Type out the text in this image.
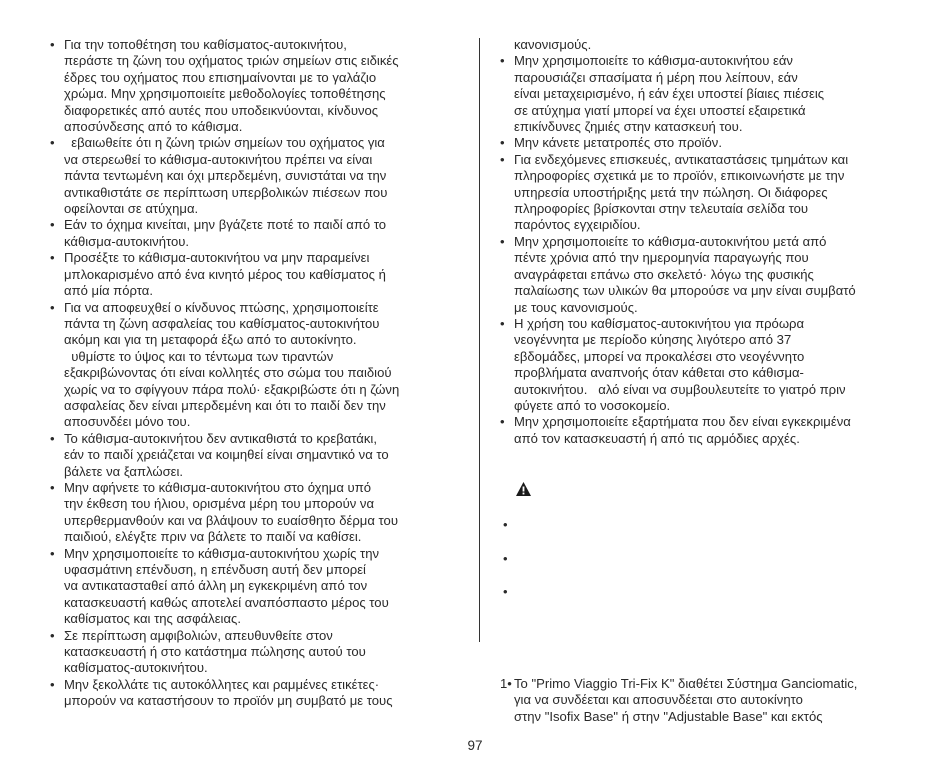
• Για την τοποθέτηση του καθίσματος-αυτοκινήτου,
περάστε τη ζώνη του οχήματος τριών σημείων στις ειδικές
έδρες του οχήματος που επισημαίνονται με το γαλάζιο
χρώμα. Μην χρησιμοποιείτε μεθοδολογίες τοποθέτησης
διαφορετικές από αυτές που υποδεικνύονται, κίνδυνος
αποσύνδεσης από το κάθισμα.
• εβαιωθείτε ότι η ζώνη τριών σημείων του οχήματος για
να στερεωθεί το κάθισμα-αυτοκινήτου πρέπει να είναι
πάντα τεντωμένη και όχι μπερδεμένη, συνιστάται να την
αντικαθιστάτε σε περίπτωση υπερβολικών πιέσεων που
οφείλονται σε ατύχημα.
• Εάν το όχημα κινείται, μην βγάζετε ποτέ το παιδί από το
κάθισμα-αυτοκινήτου.
• Προσέξτε το κάθισμα-αυτοκινήτου να μην παραμείνει
μπλοκαρισμένο από ένα κινητό μέρος του καθίσματος ή
από μία πόρτα.
• Για να αποφευχθεί ο κίνδυνος πτώσης, χρησιμοποιείτε
πάντα τη ζώνη ασφαλείας του καθίσματος-αυτοκινήτου
ακόμη και για τη μεταφορά έξω από το αυτοκίνητο.
υθμίστε το ύψος και το τέντωμα των τιραντών
εξακριβώνοντας ότι είναι κολλητές στο σώμα του παιδιού
χωρίς να το σφίγγουν πάρα πολύ· εξακριβώστε ότι η ζώνη
ασφαλείας δεν είναι μπερδεμένη και ότι το παιδί δεν την
αποσυνδέει μόνο του.
• Το κάθισμα-αυτοκινήτου δεν αντικαθιστά το κρεβατάκι,
εάν το παιδί χρειάζεται να κοιμηθεί είναι σημαντικό να το
βάλετε να ξαπλώσει.
• Μην αφήνετε το κάθισμα-αυτοκινήτου στο όχημα υπό
την έκθεση του ήλιου, ορισμένα μέρη του μπορούν να
υπερθερμανθούν και να βλάψουν το ευαίσθητο δέρμα του
παιδιού, ελέγξτε πριν να βάλετε το παιδί να καθίσει.
• Μην χρησιμοποιείτε το κάθισμα-αυτοκινήτου χωρίς την
υφασμάτινη επένδυση, η επένδυση αυτή δεν μπορεί
να αντικατασταθεί από άλλη μη εγκεκριμένη από τον
κατασκευαστή καθώς αποτελεί αναπόσπαστο μέρος του
καθίσματος και της ασφάλειας.
• Σε περίπτωση αμφιβολιών, απευθυνθείτε στον
κατασκευαστή ή στο κατάστημα πώλησης αυτού του
καθίσματος-αυτοκινήτου.
• Μην ξεκολλάτε τις αυτοκόλλητες και ραμμένες ετικέτες·
μπορούν να καταστήσουν το προϊόν μη συμβατό με τους
κανονισμούς.
• Μην χρησιμοποιείτε το κάθισμα-αυτοκινήτου εάν
παρουσιάζει σπασίματα ή μέρη που λείπουν, εάν
είναι μεταχειρισμένο, ή εάν έχει υποστεί βίαιες πιέσεις
σε ατύχημα γιατί μπορεί να έχει υποστεί εξαιρετικά
επικίνδυνες ζημιές στην κατασκευή του.
• Μην κάνετε μετατροπές στο προϊόν.
• Για ενδεχόμενες επισκευές, αντικαταστάσεις τμημάτων και
πληροφορίες σχετικά με το προϊόν, επικοινωνήστε με την
υπηρεσία υποστήριξης μετά την πώληση. Οι διάφορες
πληροφορίες βρίσκονται στην τελευταία σελίδα του
παρόντος εγχειριδίου.
• Μην χρησιμοποιείτε το κάθισμα-αυτοκινήτου μετά από
πέντε χρόνια από την ημερομηνία παραγωγής που
αναγράφεται επάνω στο σκελετό· λόγω της φυσικής
παλαίωσης των υλικών θα μπορούσε να μην είναι συμβατό
με τους κανονισμούς.
• Η χρήση του καθίσματος-αυτοκινήτου για πρόωρα
νεογέννητα με περίοδο κύησης λιγότερο από 37
εβδομάδες, μπορεί να προκαλέσει στο νεογέννητο
προβλήματα αναπνοής όταν κάθεται στο κάθισμα-
αυτοκινήτου.   αλό είναι να συμβουλευτείτε το γιατρό πριν
φύγετε από το νοσοκομείο.
• Μην χρησιμοποιείτε εξαρτήματα που δεν είναι εγκεκριμένα
από τον κατασκευαστή ή από τις αρμόδιες αρχές.
•
•
•
1• Το "Primo Viaggio Tri-Fix K" διαθέτει Σύστημα Ganciomatic,
για να συνδέεται και αποσυνδέεται στο αυτοκίνητο
στην "Isofix Base" ή στην "Adjustable Base" και εκτός
97
